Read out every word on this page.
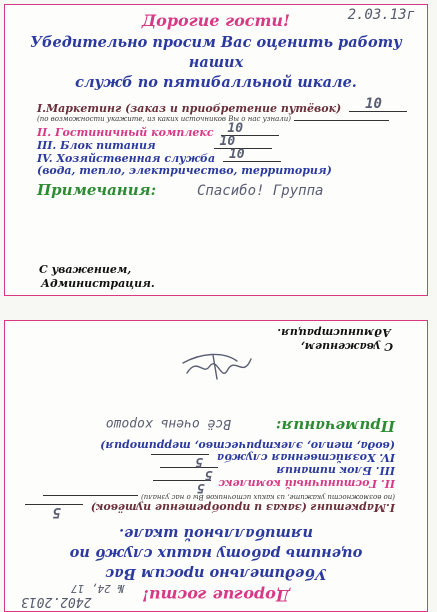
2.03.13г
Дорогие гости!
Убедительно просим Вас оценить работу наших
служб по пятибалльной шкале.
I.Маркетинг (заказ и приобретение путёвок) 10
(по возможности укажите, из каких источников Вы о нас узнали)
II. Гостиничный комплекс 10
III. Блок питания	10
IV. Хозяйственная служба 10
(вода, тепло, электричество, территория)
Примечания:	Спасибо! Группа
С уважением,
Администрация.
2402.2013
№ 24, 17	Дорогие гости!
Убедительно просим Вас
оценить работу наших служб по пятибалльной шкале.
I.Маркетинг (заказ и приобретение путёвок)
5
(по возможности укажите, из каких источников Вы о нас узнали)
II. Гостиничный комплекс
5
III. Блок питания
5
IV. Хозяйственная служба
5
(вода, тепло, электричество, территория)
Примечания:
Всё очень хорошо
С уважением,
Администрация.
